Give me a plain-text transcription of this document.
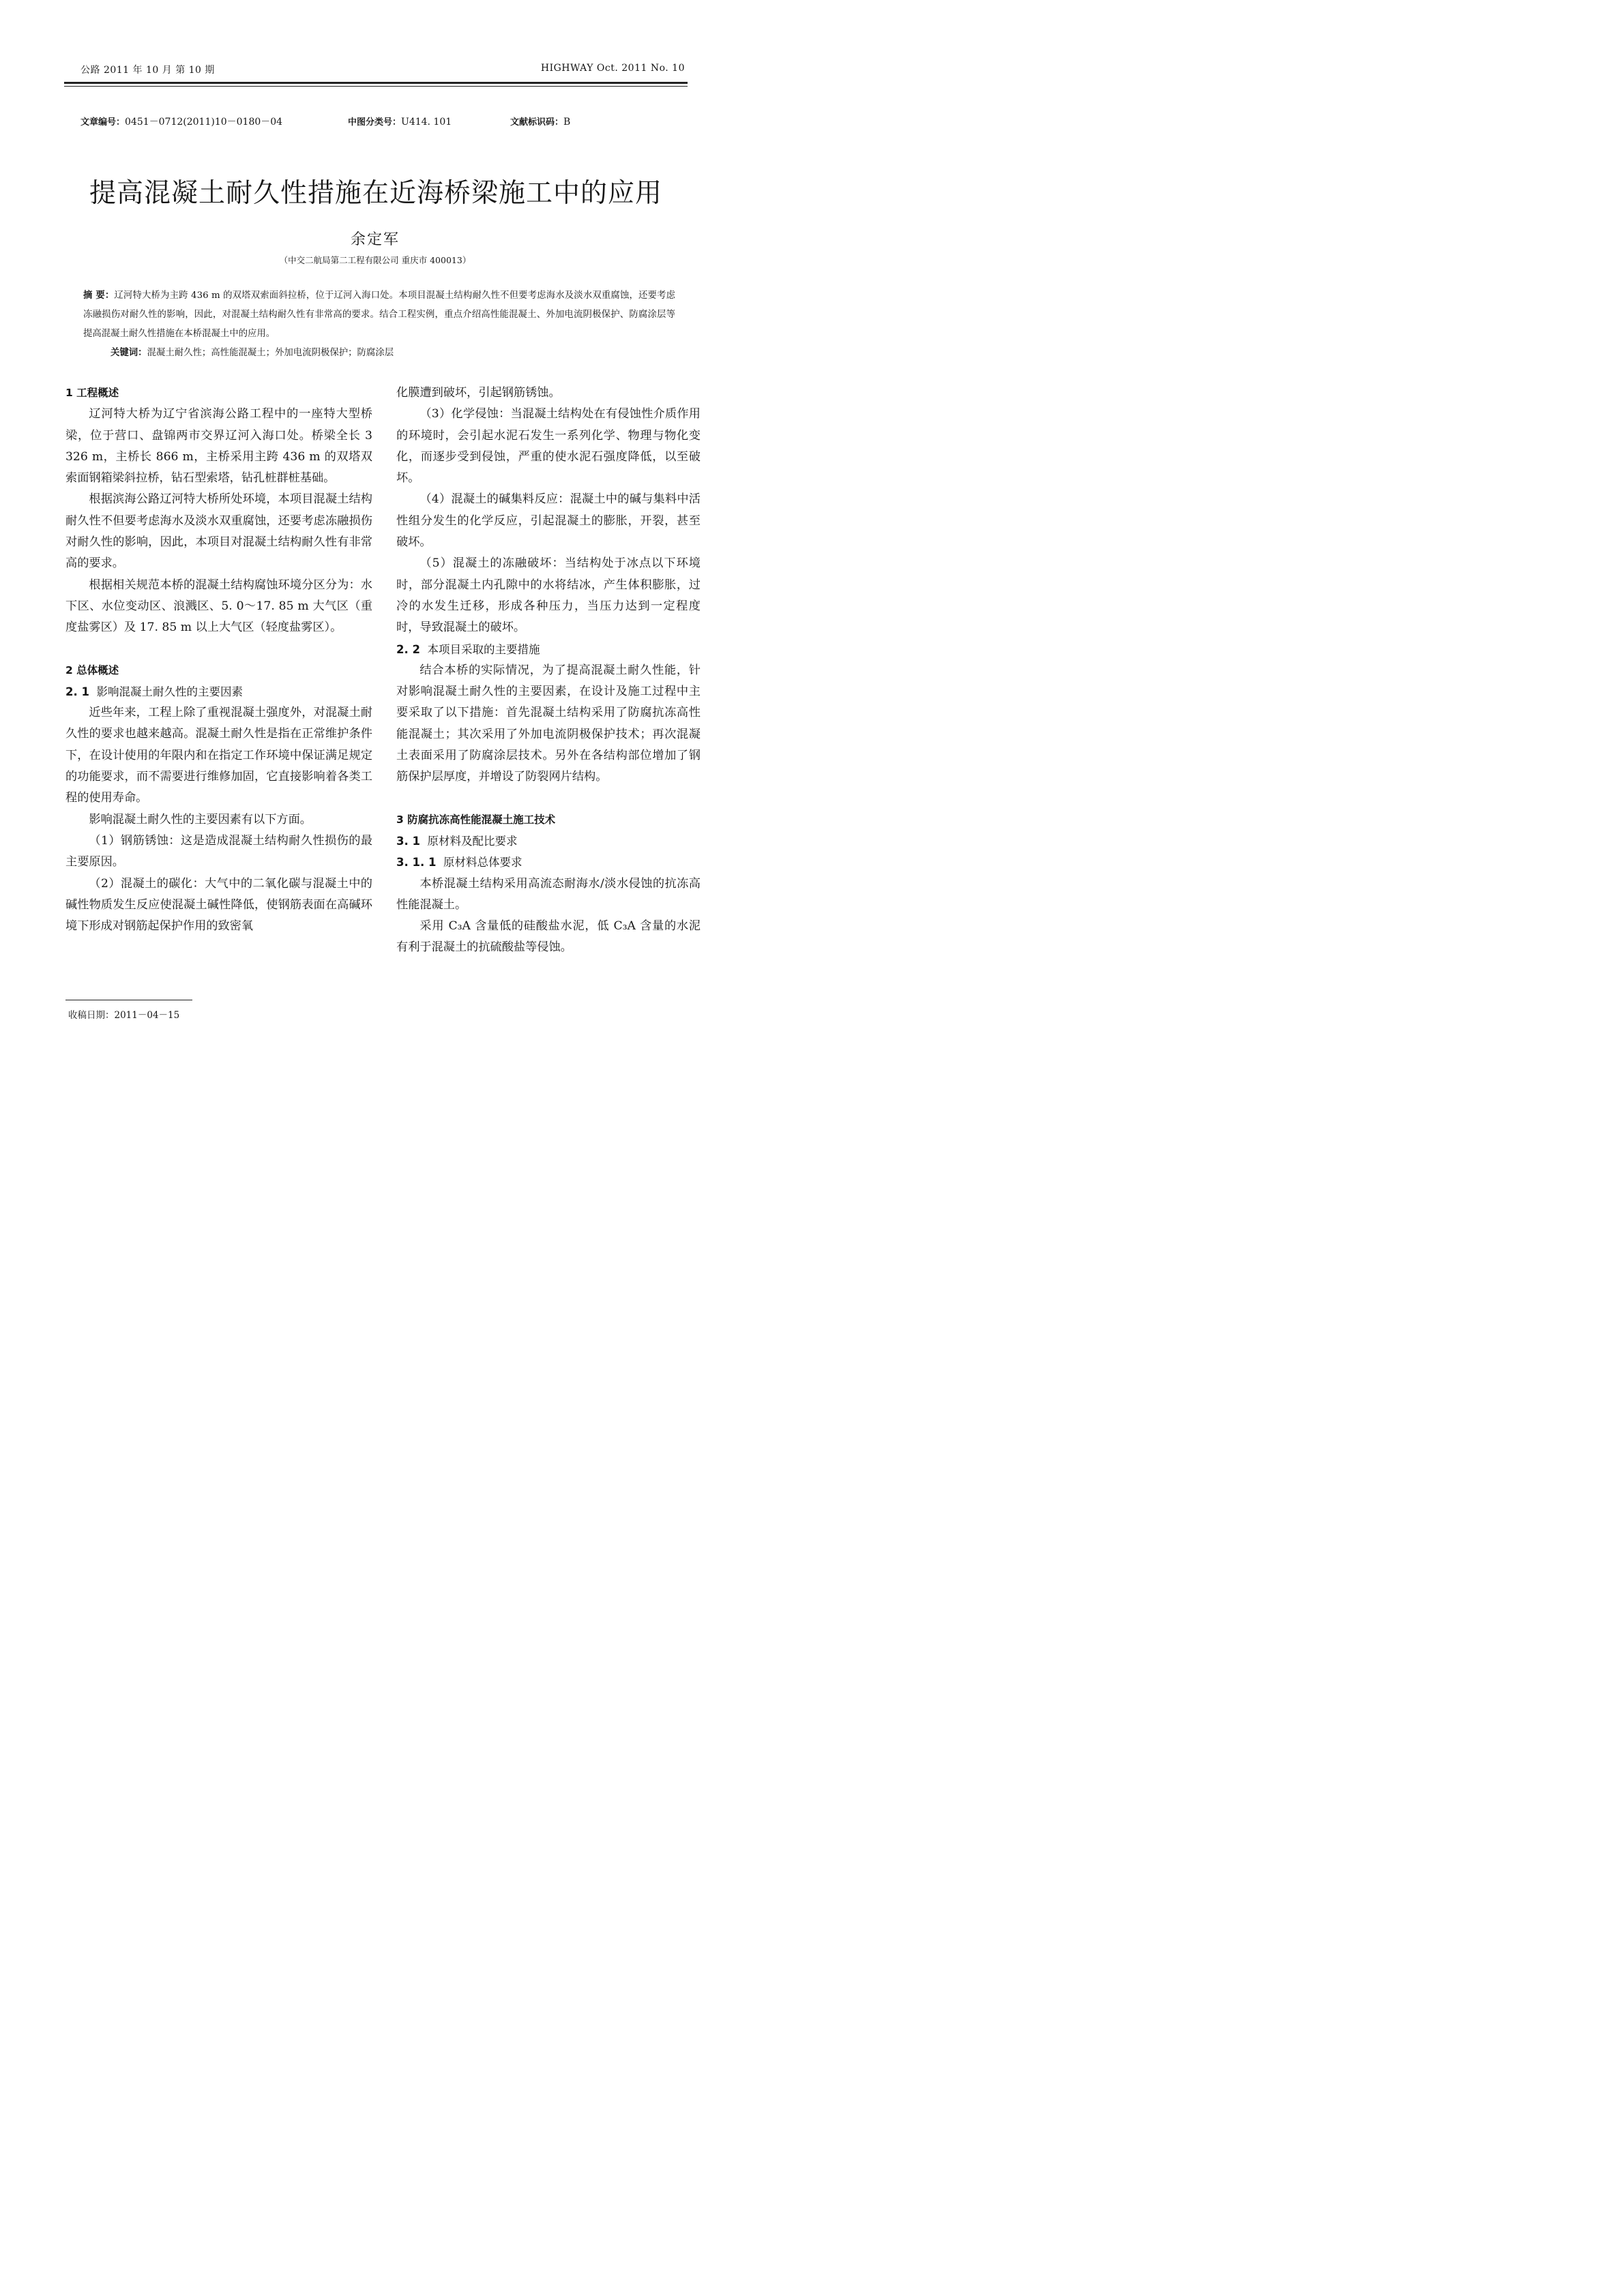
公路 2011 年 10 月 第 10 期	HIGHWAY Oct. 2011 No. 10
文章编号：0451－0712(2011)10－0180－04	中图分类号：U414. 101	文献标识码：B
提高混凝土耐久性措施在近海桥梁施工中的应用
余定军
（中交二航局第二工程有限公司 重庆市 400013）
摘 要：辽河特大桥为主跨 436 m 的双塔双索面斜拉桥，位于辽河入海口处。本项目混凝土结构耐久性不但要考虑海水及淡水双重腐蚀，还要考虑冻融损伤对耐久性的影响，因此，对混凝土结构耐久性有非常高的要求。结合工程实例，重点介绍高性能混凝土、外加电流阴极保护、防腐涂层等提高混凝土耐久性措施在本桥混凝土中的应用。
关键词：混凝土耐久性；高性能混凝土；外加电流阴极保护；防腐涂层

1 工程概述

辽河特大桥为辽宁省滨海公路工程中的一座特大型桥梁，位于营口、盘锦两市交界辽河入海口处。桥梁全长 3 326 m，主桥长 866 m，主桥采用主跨 436 m 的双塔双索面钢箱梁斜拉桥，钻石型索塔，钻孔桩群桩基础。

根据滨海公路辽河特大桥所处环境，本项目混凝土结构耐久性不但要考虑海水及淡水双重腐蚀，还要考虑冻融损伤对耐久性的影响，因此，本项目对混凝土结构耐久性有非常高的要求。

根据相关规范本桥的混凝土结构腐蚀环境分区分为：水下区、水位变动区、浪溅区、5. 0～17. 85 m 大气区（重度盐雾区）及 17. 85 m 以上大气区（轻度盐雾区）。

2 总体概述

2. 1 影响混凝土耐久性的主要因素

近些年来，工程上除了重视混凝土强度外，对混凝土耐久性的要求也越来越高。混凝土耐久性是指在正常维护条件下，在设计使用的年限内和在指定工作环境中保证满足规定的功能要求，而不需要进行维修加固，它直接影响着各类工程的使用寿命。

影响混凝土耐久性的主要因素有以下方面。

（1）钢筋锈蚀：这是造成混凝土结构耐久性损伤的最主要原因。

（2）混凝土的碳化：大气中的二氧化碳与混凝土中的碱性物质发生反应使混凝土碱性降低，使钢筋表面在高碱环境下形成对钢筋起保护作用的致密氧

化膜遭到破坏，引起钢筋锈蚀。

（3）化学侵蚀：当混凝土结构处在有侵蚀性介质作用的环境时，会引起水泥石发生一系列化学、物理与物化变化，而逐步受到侵蚀，严重的使水泥石强度降低，以至破坏。

（4）混凝土的碱集料反应：混凝土中的碱与集料中活性组分发生的化学反应，引起混凝土的膨胀，开裂，甚至破坏。

（5）混凝土的冻融破坏：当结构处于冰点以下环境时，部分混凝土内孔隙中的水将结冰，产生体积膨胀，过冷的水发生迁移，形成各种压力，当压力达到一定程度时，导致混凝土的破坏。

2. 2 本项目采取的主要措施

结合本桥的实际情况，为了提高混凝土耐久性能，针对影响混凝土耐久性的主要因素，在设计及施工过程中主要采取了以下措施：首先混凝土结构采用了防腐抗冻高性能混凝土；其次采用了外加电流阴极保护技术；再次混凝土表面采用了防腐涂层技术。另外在各结构部位增加了钢筋保护层厚度，并增设了防裂网片结构。

3 防腐抗冻高性能混凝土施工技术

3. 1 原材料及配比要求

3. 1. 1 原材料总体要求

本桥混凝土结构采用高流态耐海水/淡水侵蚀的抗冻高性能混凝土。

采用 C₃A 含量低的硅酸盐水泥，低 C₃A 含量的水泥有利于混凝土的抗硫酸盐等侵蚀。

收稿日期：2011－04－15
